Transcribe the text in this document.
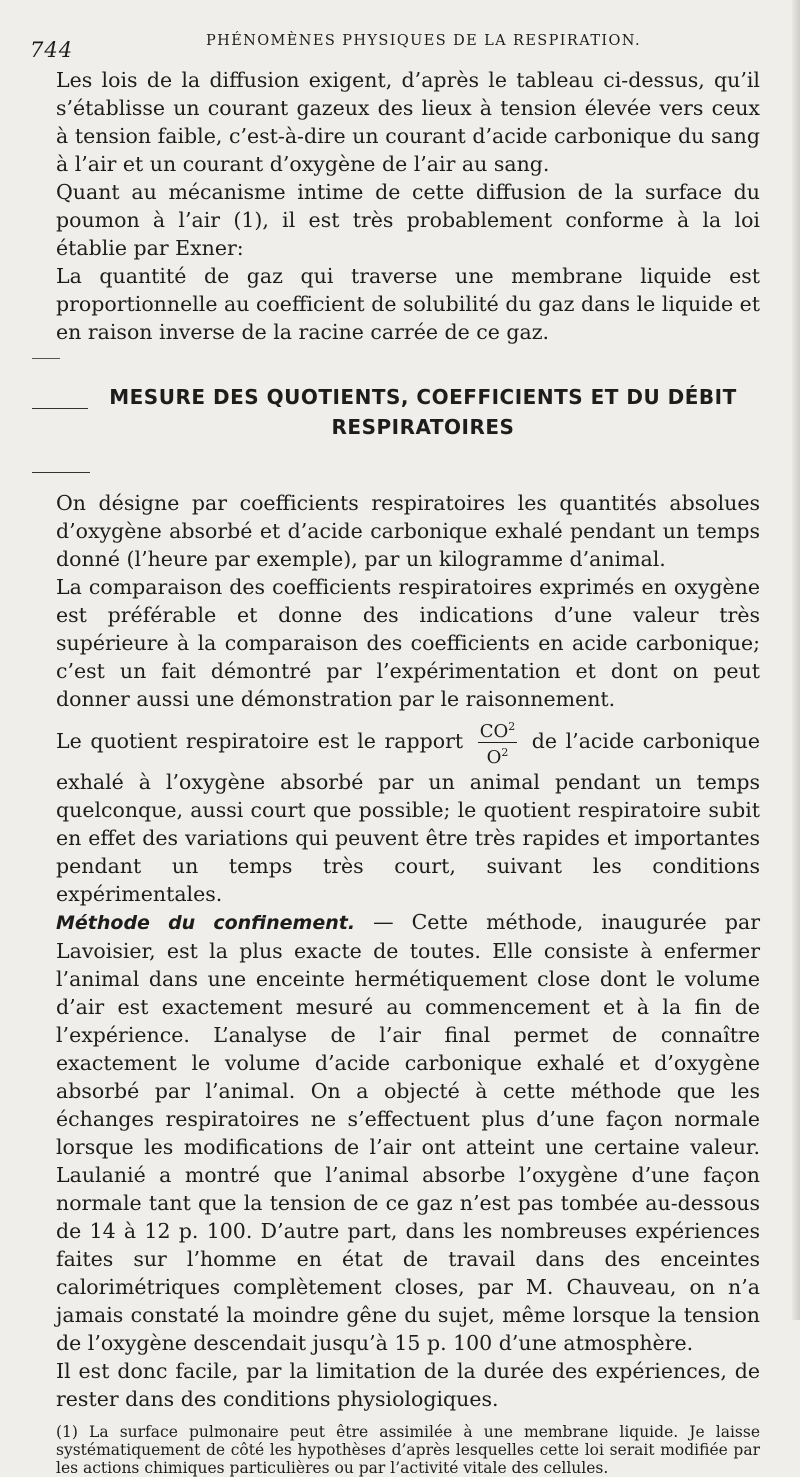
744	PHÉNOMÈNES PHYSIQUES DE LA RESPIRATION.

Les lois de la diffusion exigent, d’après le tableau ci-dessus, qu’il s’établisse un courant gazeux des lieux à tension élevée vers ceux à tension faible, c’est-à-dire un courant d’acide carbonique du sang à l’air et un courant d’oxygène de l’air au sang.

Quant au mécanisme intime de cette diffusion de la surface du poumon à l’air (1), il est très probablement conforme à la loi établie par Exner:

La quantité de gaz qui traverse une membrane liquide est proportionnelle au coefficient de solubilité du gaz dans le liquide et en raison inverse de la racine carrée de ce gaz.

MESURE DES QUOTIENTS, COEFFICIENTS ET DU DÉBIT
RESPIRATOIRES

On désigne par coefficients respiratoires les quantités absolues d’oxygène absorbé et d’acide carbonique exhalé pendant un temps donné (l’heure par exemple), par un kilogramme d’animal.

La comparaison des coefficients respiratoires exprimés en oxygène est préférable et donne des indications d’une valeur très supérieure à la comparaison des coefficients en acide carbonique; c’est un fait démontré par l’expérimentation et dont on peut donner aussi une démonstration par le raisonnement.

Le quotient respiratoire est le rapport $\frac{CO^2}{O^2}$ de l’acide carbonique exhalé à l’oxygène absorbé par un animal pendant un temps quelconque, aussi court que possible; le quotient respiratoire subit en effet des variations qui peuvent être très rapides et importantes pendant un temps très court, suivant les conditions expérimentales.

Méthode du confinement. — Cette méthode, inaugurée par Lavoisier, est la plus exacte de toutes. Elle consiste à enfermer l’animal dans une enceinte hermétiquement close dont le volume d’air est exactement mesuré au commencement et à la fin de l’expérience. L’analyse de l’air final permet de connaître exactement le volume d’acide carbonique exhalé et d’oxygène absorbé par l’animal. On a objecté à cette méthode que les échanges respiratoires ne s’effectuent plus d’une façon normale lorsque les modifications de l’air ont atteint une certaine valeur. Laulanié a montré que l’animal absorbe l’oxygène d’une façon normale tant que la tension de ce gaz n’est pas tombée au-dessous de 14 à 12 p. 100. D’autre part, dans les nombreuses expériences faites sur l’homme en état de travail dans des enceintes calorimétriques complètement closes, par M. Chauveau, on n’a jamais constaté la moindre gêne du sujet, même lorsque la tension de l’oxygène descendait jusqu’à 15 p. 100 d’une atmosphère.

Il est donc facile, par la limitation de la durée des expériences, de rester dans des conditions physiologiques.

(1) La surface pulmonaire peut être assimilée à une membrane liquide. Je laisse systématiquement de côté les hypothèses d’après lesquelles cette loi serait modifiée par les actions chimiques particulières ou par l’activité vitale des cellules.
